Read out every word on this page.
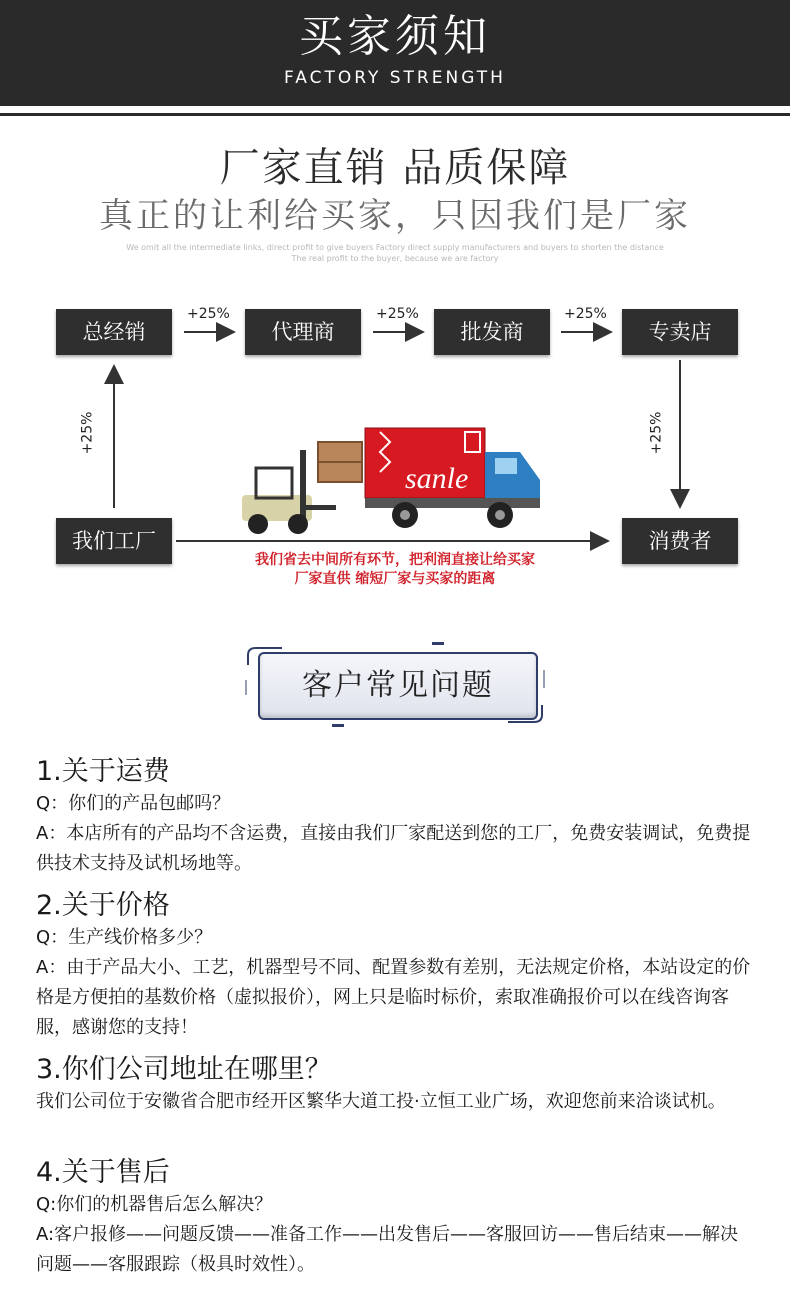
买家须知
FACTORY STRENGTH
厂家直销 品质保障
真正的让利给买家，只因我们是厂家
We omit all the intermediate links, direct profit to give buyers Factory direct supply manufacturers and buyers to shorten the distance
The real profit to the buyer, because we are factory
总经销	代理商	批发商	专卖店
我们工厂	消费者
+25%	+25%	+25%
+25%	+25%
sanle
我们省去中间所有环节，把利润直接让给买家
厂家直供 缩短厂家与买家的距离
客户常见问题
1.关于运费

Q：你们的产品包邮吗？

A：本店所有的产品均不含运费，直接由我们厂家配送到您的工厂，免费安装调试，免费提供技术支持及试机场地等。

2.关于价格

Q：生产线价格多少？

A：由于产品大小、工艺，机器型号不同、配置参数有差别，无法规定价格，本站设定的价格是方便拍的基数价格（虚拟报价），网上只是临时标价，索取准确报价可以在线咨询客服，感谢您的支持！

3.你们公司地址在哪里？

我们公司位于安徽省合肥市经开区繁华大道工投·立恒工业广场，欢迎您前来洽谈试机。

4.关于售后

Q:你们的机器售后怎么解决？

A:客户报修——问题反馈——准备工作——出发售后——客服回访——售后结束——解决问题——客服跟踪（极具时效性）。
